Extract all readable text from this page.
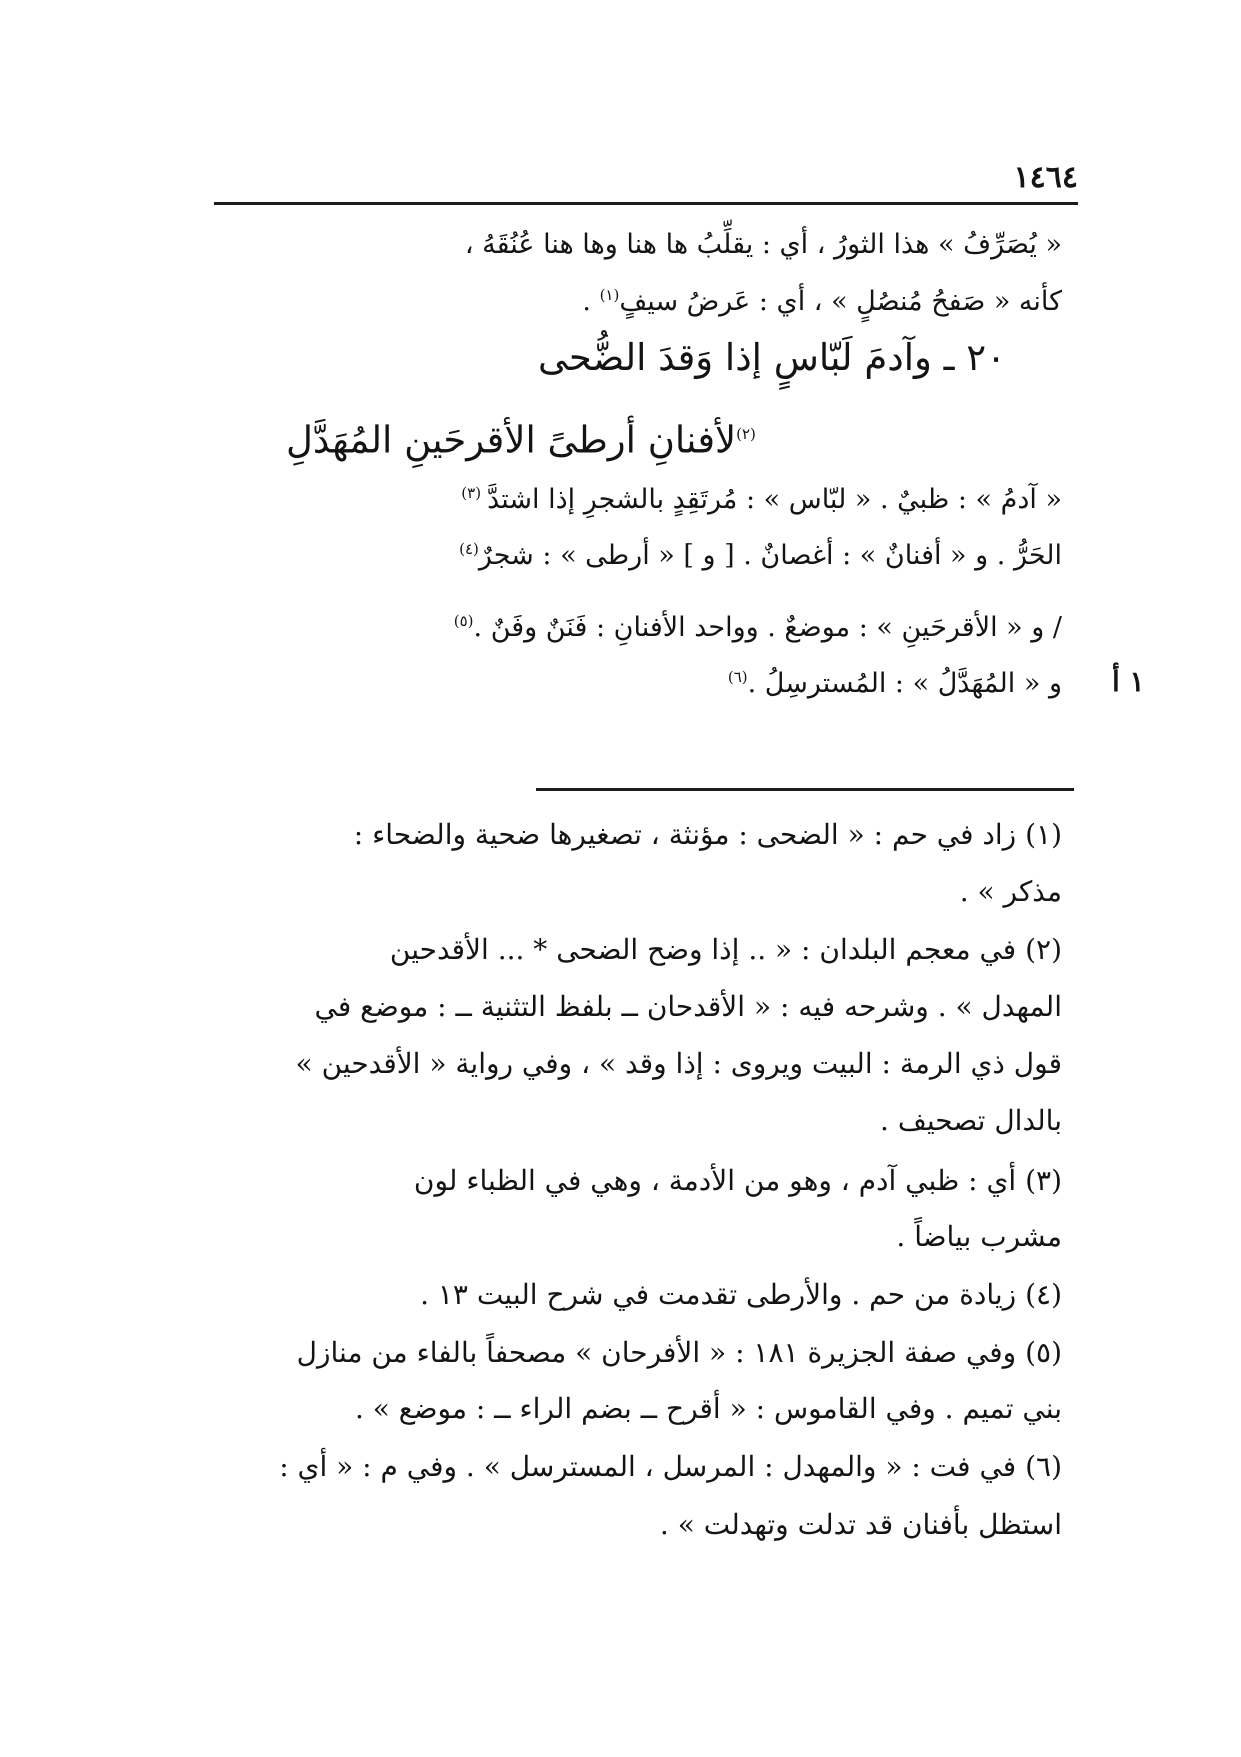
١٤٦٤
« يُصَرِّفُ » هذا الثورُ ، أي : يقلِّبُ ها هنا وها هنا عُنُقَهُ ،
كأنه « صَفحُ مُنصُلٍ » ، أي : عَرضُ سيفٍ$^{(١)}$ .
٢٠ ـ وآدمَ لَبّاسٍ إذا وَقدَ الضُّحى
$^{(٢)}$لأفنانِ أرطىً الأقرحَينِ المُهَدَّلِ
« آدمُ » : ظبيٌ . « لبّاس » : مُرتَقِدٍ بالشجرِ إذا اشتدَّ$^{(٣)}$
الحَرُّ . و « أفنانٌ » : أغصانٌ . [ و ] « أرطى » : شجرٌ$^{(٤)}$
/ و « الأقرحَينِ » : موضعٌ . وواحد الأفنانِ : فَنَنٌ وفَنٌ .$^{(٥)}$
و « المُهَدَّلُ » : المُسترسِلُ .$^{(٦)}$	١ أ
(١) زاد في حم : « الضحى : مؤنثة ، تصغيرها ضحية والضحاء :
مذكر » .
(٢) في معجم البلدان : « .. إذا وضح الضحى * ... الأقدحين
المهدل » . وشرحه فيه : « الأقدحان ــ بلفظ التثنية ــ : موضع في
قول ذي الرمة : البيت ويروى : إذا وقد » ، وفي رواية « الأقدحين »
بالدال تصحيف .
(٣) أي : ظبي آدم ، وهو من الأدمة ، وهي في الظباء لون
مشرب بياضاً .
(٤) زيادة من حم . والأرطى تقدمت في شرح البيت ١٣ .
(٥) وفي صفة الجزيرة ١٨١ : « الأفرحان » مصحفاً بالفاء من منازل
بني تميم . وفي القاموس : « أقرح ــ بضم الراء ــ : موضع » .
(٦) في فت : « والمهدل : المرسل ، المسترسل » . وفي م : « أي :
استظل بأفنان قد تدلت وتهدلت » .
